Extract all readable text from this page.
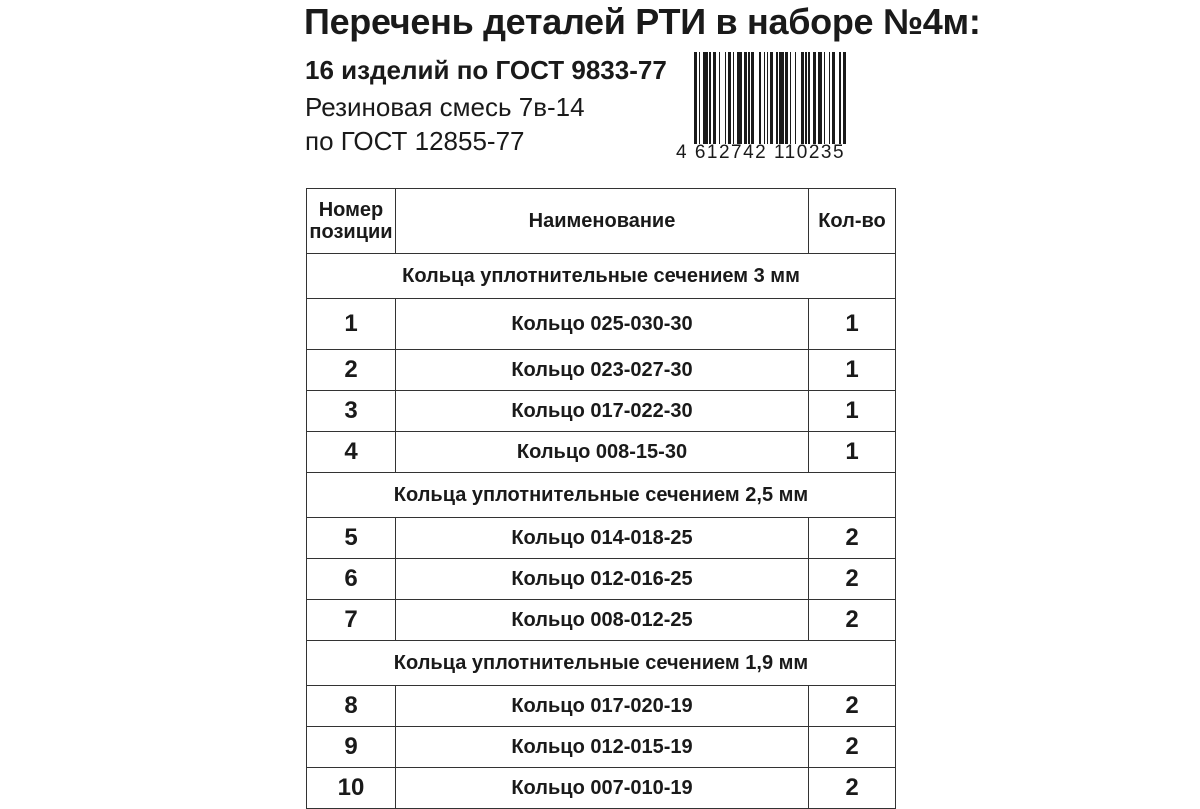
Перечень деталей РТИ в наборе №4м:
16 изделий по ГОСТ 9833-77
Резиновая смесь 7в-14
по ГОСТ 12855-77	4 612742 110235
Номер позиции	Наименование	Кол-во
Кольца уплотнительные сечением 3 мм		
1	Кольцо 025-030-30	1
2	Кольцо 023-027-30	1
3	Кольцо 017-022-30	1
4	Кольцо 008-15-30	1
Кольца уплотнительные сечением 2,5 мм		
5	Кольцо 014-018-25	2
6	Кольцо 012-016-25	2
7	Кольцо 008-012-25	2
Кольца уплотнительные сечением 1,9 мм		
8	Кольцо 017-020-19	2
9	Кольцо 012-015-19	2
10	Кольцо 007-010-19	2
